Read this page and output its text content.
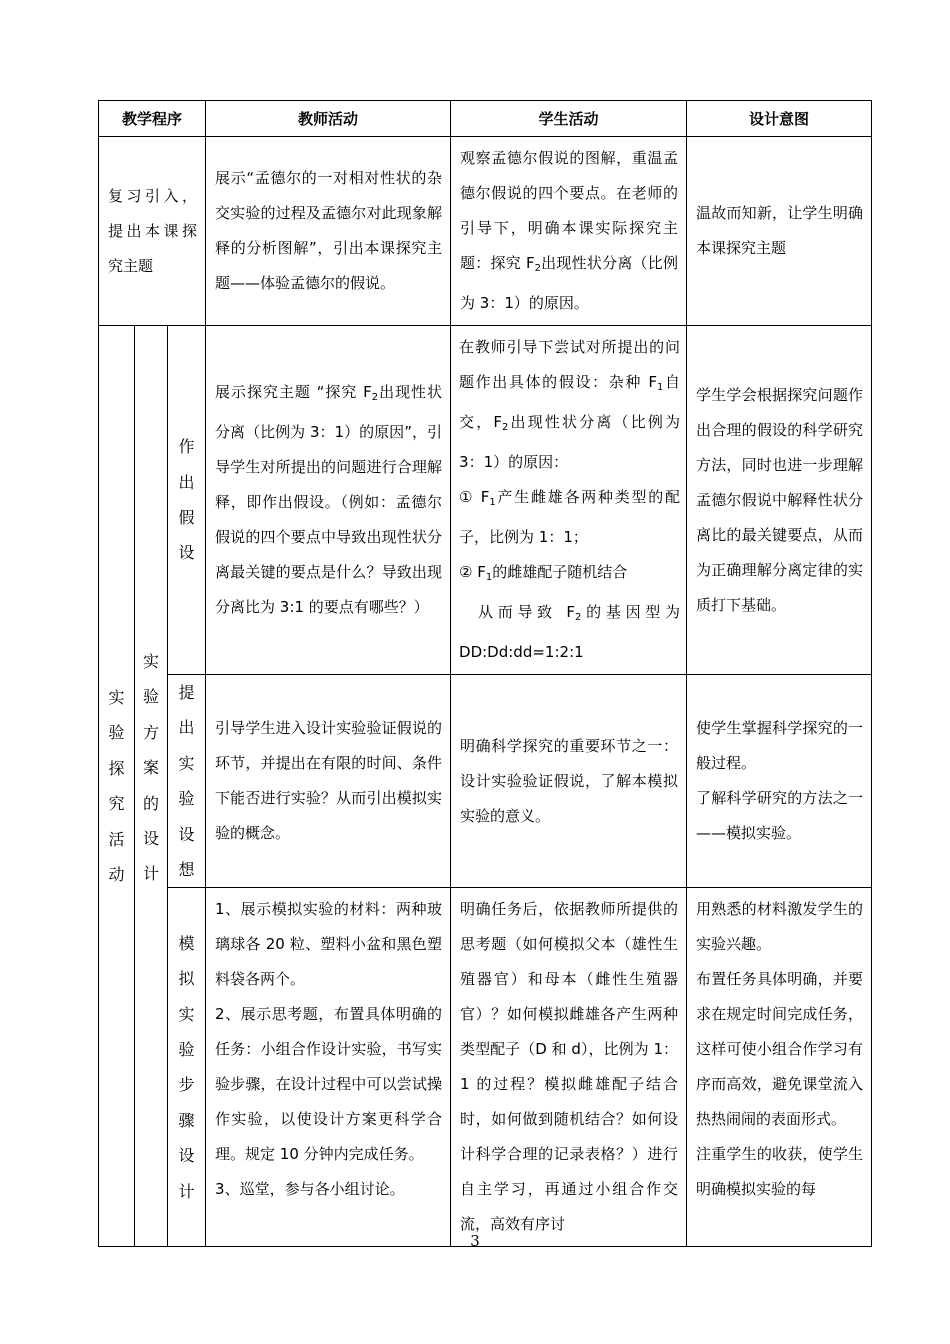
教学程序			教师活动	学生活动	设计意图

复习引入，提出本课探究主题			展示“孟德尔的一对相对性状的杂交实验的过程及孟德尔对此现象解释的分析图解”，引出本课探究主题——体验孟德尔的假说。	观察孟德尔假说的图解，重温孟德尔假说的四个要点。在老师的引导下，明确本课实际探究主题：探究 $F_2$出现性状分离（比例为 3：1）的原因。	温故而知新，让学生明确本课探究主题

实验探究活动	实验方案的设计	作出假设	展示探究主题 “探究 $F_2$出现性状分离（比例为 3：1）的原因”，引导学生对所提出的问题进行合理解释，即作出假设。（例如：孟德尔假说的四个要点中导致出现性状分离最关键的要点是什么？导致出现分离比为 3:1 的要点有哪些？）	在教师引导下尝试对所提出的问题作出具体的假设：杂种 $F_1$自交，$F_2$出现性状分离（比例为 3：1）的原因：
① $F_1$产生雌雄各两种类型的配子，比例为 1：1；
② $F_1$的雌雄配子随机结合
从而导致 $F_2$的基因型为DD:Dd:dd=1:2:1	学生学会根据探究问题作出合理的假设的科学研究方法，同时也进一步理解孟德尔假说中解释性状分离比的最关键要点，从而为正确理解分离定律的实质打下基础。

		提出实验设想	引导学生进入设计实验验证假说的环节，并提出在有限的时间、条件下能否进行实验？从而引出模拟实验的概念。	明确科学探究的重要环节之一：设计实验验证假说，了解本模拟实验的意义。	使学生掌握科学探究的一般过程。
了解科学研究的方法之一——模拟实验。

		模拟实验步骤设计	1、展示模拟实验的材料：两种玻璃球各 20 粒、塑料小盆和黑色塑料袋各两个。
2、展示思考题，布置具体明确的任务：小组合作设计实验，书写实验步骤，在设计过程中可以尝试操作实验，以使设计方案更科学合理。规定 10 分钟内完成任务。
3、巡堂，参与各小组讨论。	明确任务后，依据教师所提供的思考题（如何模拟父本（雄性生殖器官）和母本（雌性生殖器官）？如何模拟雌雄各产生两种类型配子（D 和 d），比例为 1：1 的过程？模拟雌雄配子结合时，如何做到随机结合？如何设计科学合理的记录表格？）进行自主学习，再通过小组合作交流，高效有序讨	用熟悉的材料激发学生的实验兴趣。
布置任务具体明确，并要求在规定时间完成任务，这样可使小组合作学习有序而高效，避免课堂流入热热闹闹的表面形式。
注重学生的收获，使学生明确模拟实验的每
3
